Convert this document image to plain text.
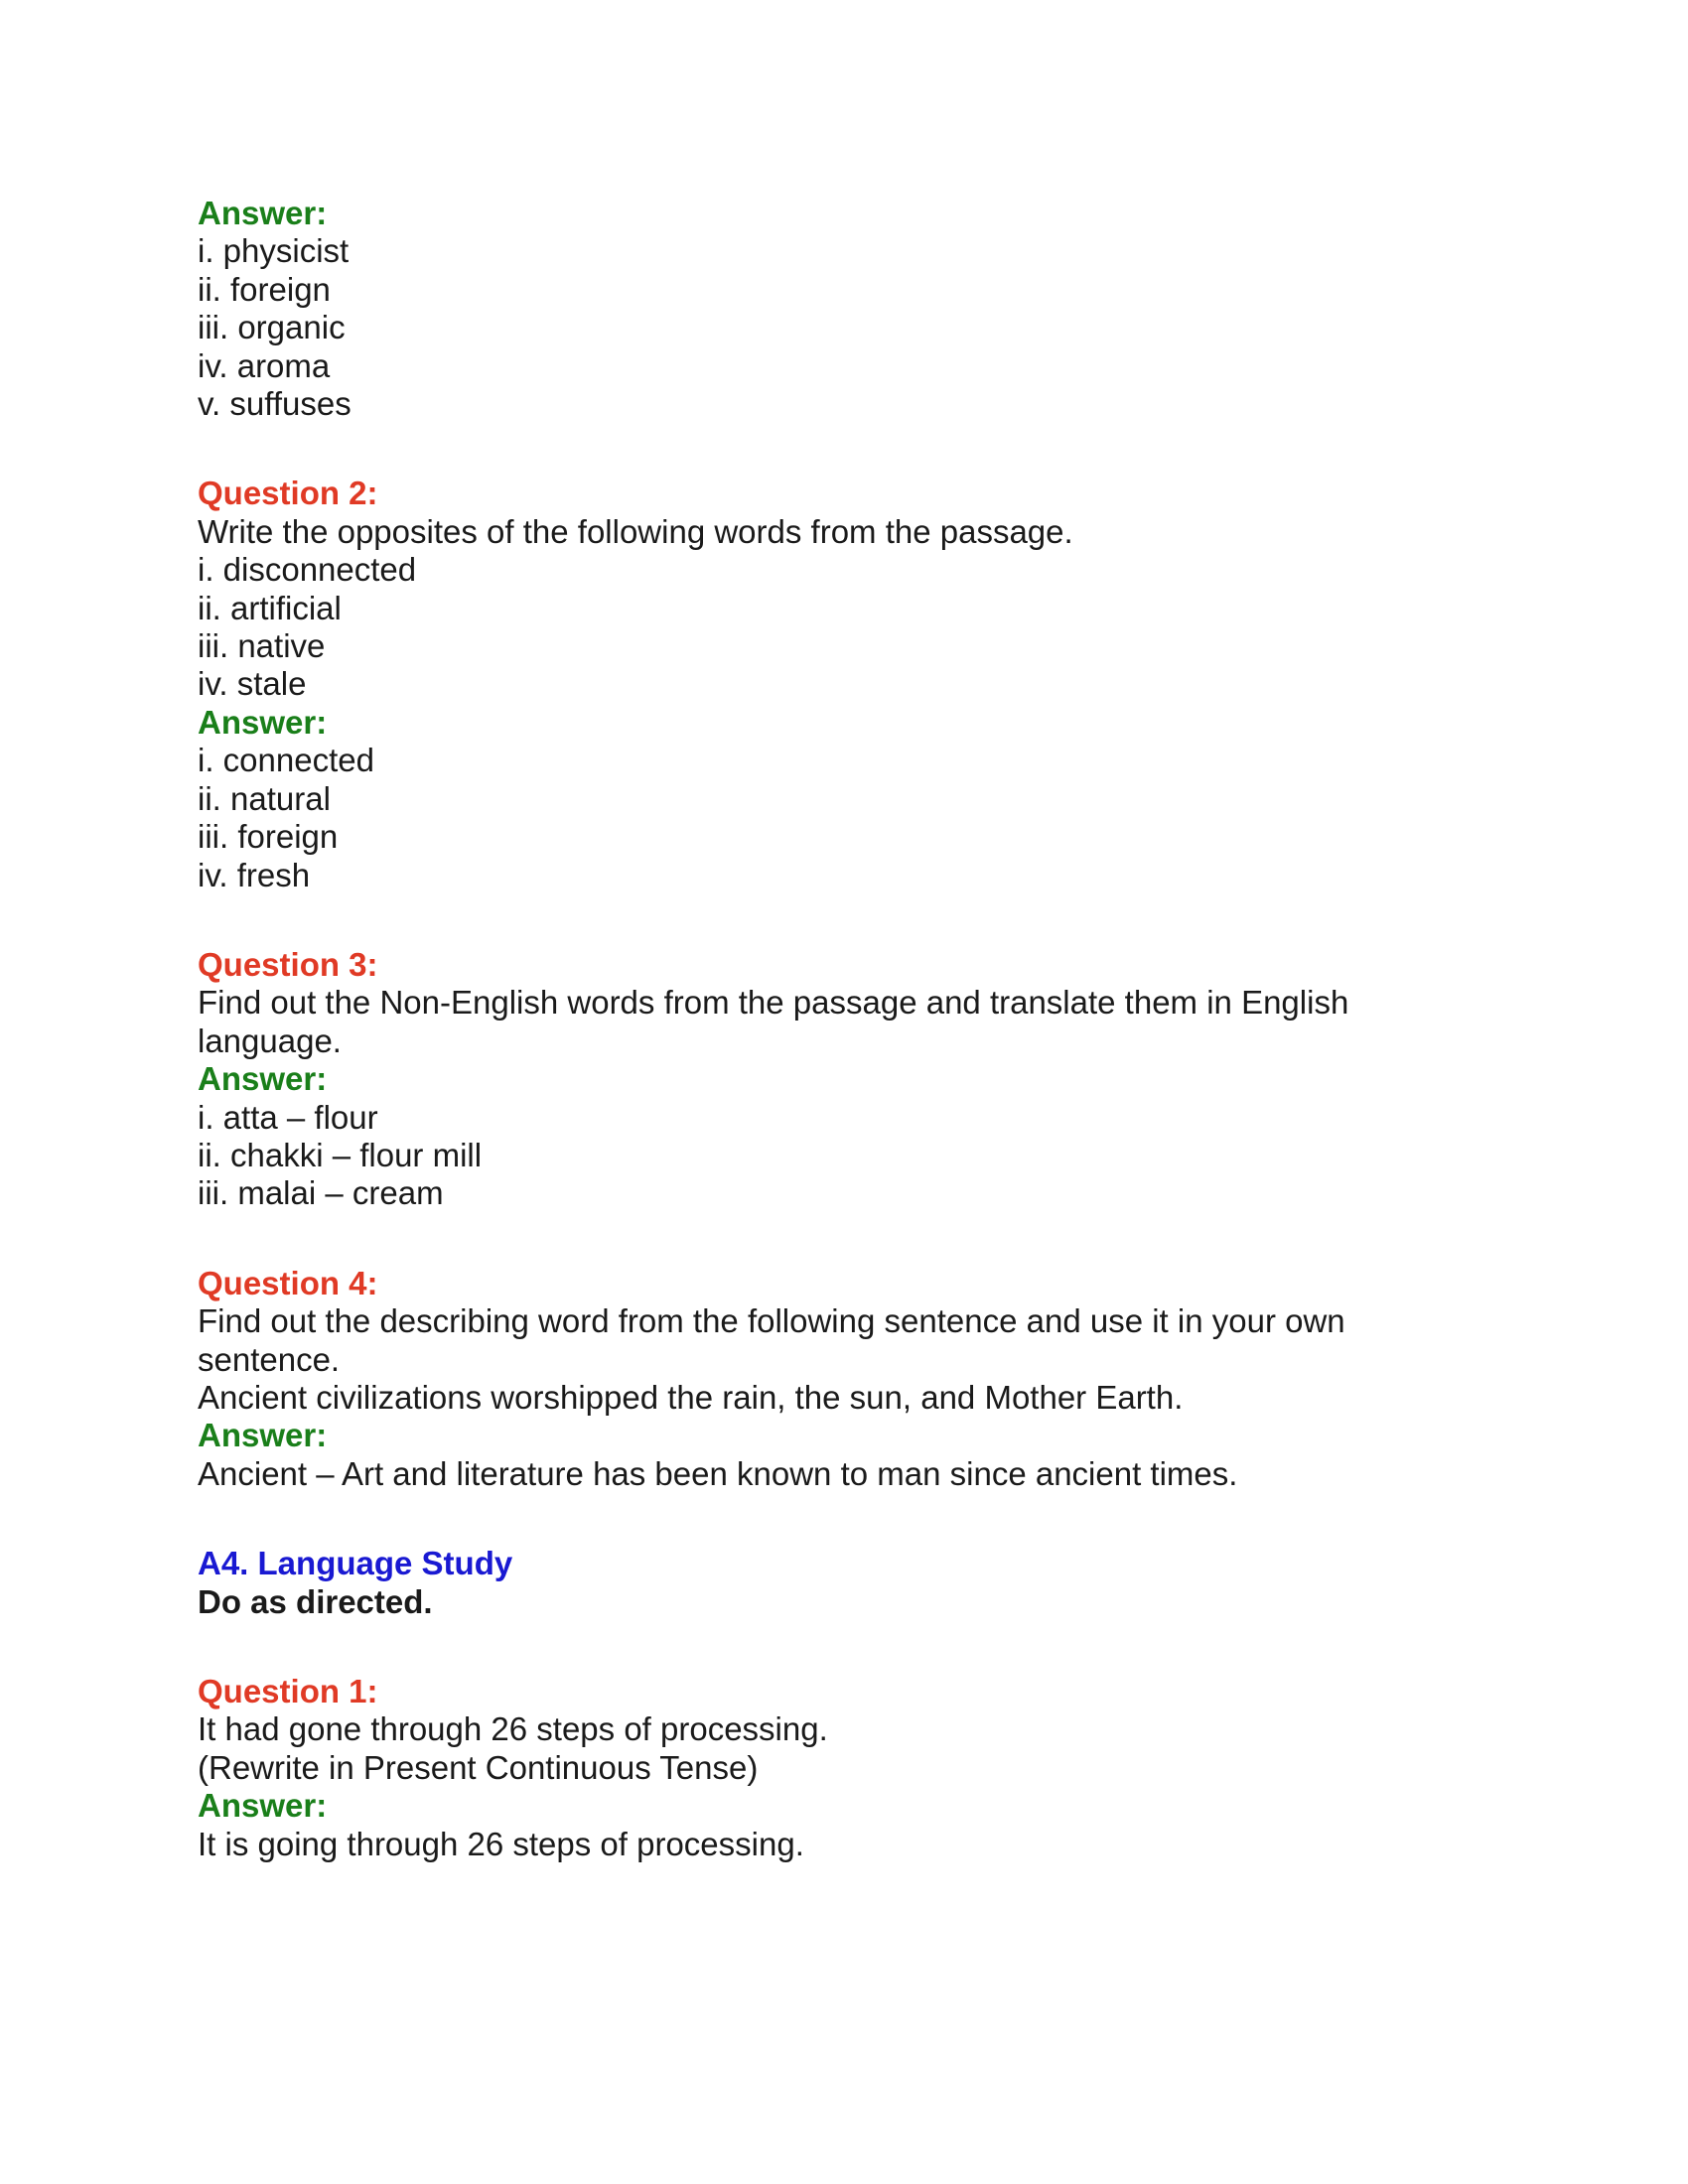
Answer:
i. physicist
ii. foreign
iii. organic
iv. aroma
v. suffuses
Question 2:
Write the opposites of the following words from the passage.
i. disconnected
ii. artificial
iii. native
iv. stale
Answer:
i. connected
ii. natural
iii. foreign
iv. fresh
Question 3:
Find out the Non-English words from the passage and translate them in English
language.
Answer:
i. atta – flour
ii. chakki – flour mill
iii. malai – cream
Question 4:
Find out the describing word from the following sentence and use it in your own
sentence.
Ancient civilizations worshipped the rain, the sun, and Mother Earth.
Answer:
Ancient – Art and literature has been known to man since ancient times.
A4. Language Study
Do as directed.
Question 1:
It had gone through 26 steps of processing.
(Rewrite in Present Continuous Tense)
Answer:
It is going through 26 steps of processing.
